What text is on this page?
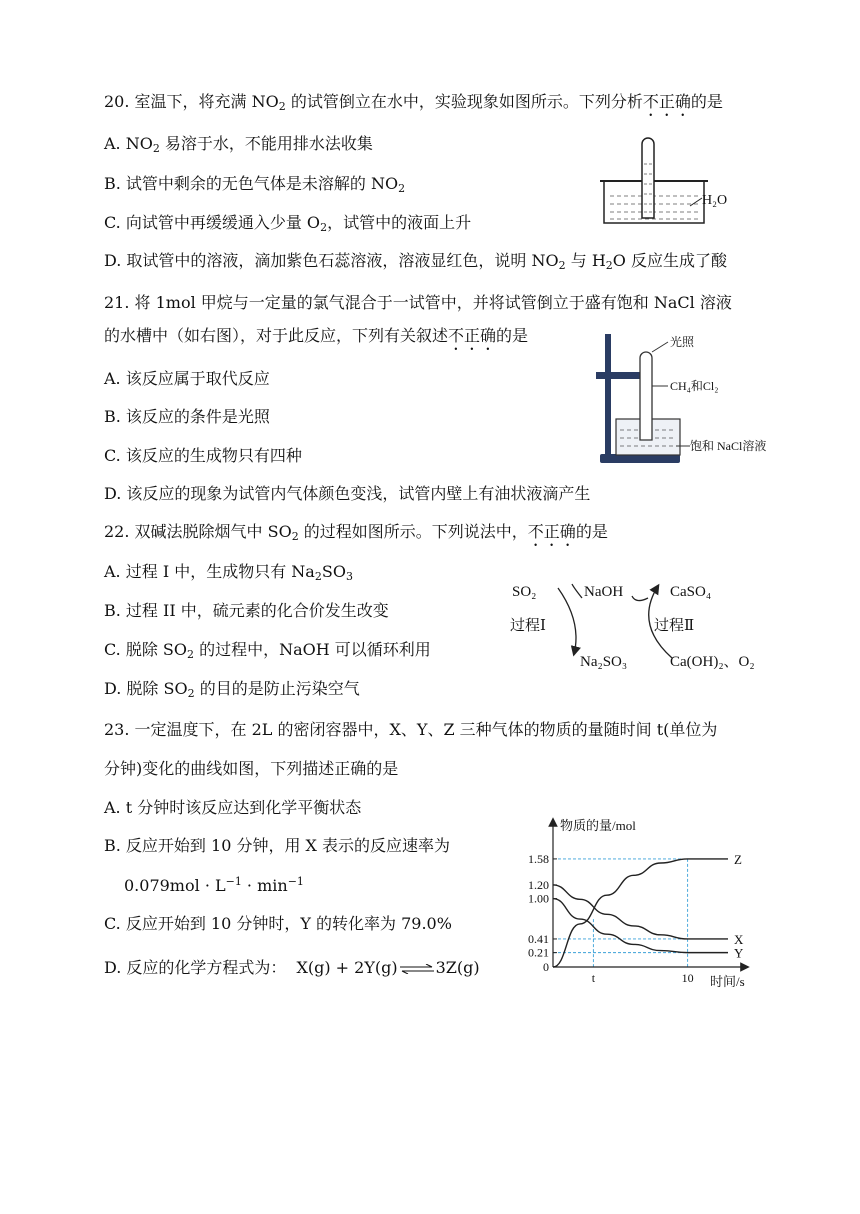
20. 室温下，将充满 $NO_2$ 的试管倒立在水中，实验现象如图所示。下列分析不正确的是
A. $NO_2$ 易溶于水，不能用排水法收集
B. 试管中剩余的无色气体是未溶解的 $NO_2$
C. 向试管中再缓缓通入少量 $O_2$，试管中的液面上升
D. 取试管中的溶液，滴加紫色石蕊溶液，溶液显红色，说明 $NO_2$ 与 $H_2O$ 反应生成了酸
H₂O
21. 将 1mol 甲烷与一定量的氯气混合于一试管中，并将试管倒立于盛有饱和 NaCl 溶液
的水槽中（如右图），对于此反应，下列有关叙述不正确的是
A. 该反应属于取代反应
B. 该反应的条件是光照
C. 该反应的生成物只有四种
D. 该反应的现象为试管内气体颜色变浅，试管内壁上有油状液滴产生
光照
CH₄和Cl₂
饱和 NaCl溶液
22. 双碱法脱除烟气中 $SO_2$ 的过程如图所示。下列说法中，不正确的是
A. 过程 I 中，生成物只有 $Na_2SO_3$
B. 过程 II 中，硫元素的化合价发生改变
C. 脱除 $SO_2$ 的过程中，NaOH 可以循环利用
D. 脱除 $SO_2$ 的目的是防止污染空气
SO₂	NaOH	CaSO₄
过程Ⅰ	过程Ⅱ
Na₂SO₃	Ca(OH)₂、O₂
23. 一定温度下，在 2L 的密闭容器中，X、Y、Z 三种气体的物质的量随时间 t(单位为
分钟)变化的曲线如图，下列描述正确的是
A. t 分钟时该反应达到化学平衡状态
B. 反应开始到 10 分钟，用 X 表示的反应速率为
$0.079mol \cdot L^{-1} \cdot \min^{-1}$
C. 反应开始到 10 分钟时，Y 的转化率为 79.0%
D. 反应的化学方程式为： X(g) + 2Y(g)⇌3Z(g)
物质的量/mol
时间/s
0
0.21
0.41
1.00
1.20
1.58
t	10
Z
X
Y
